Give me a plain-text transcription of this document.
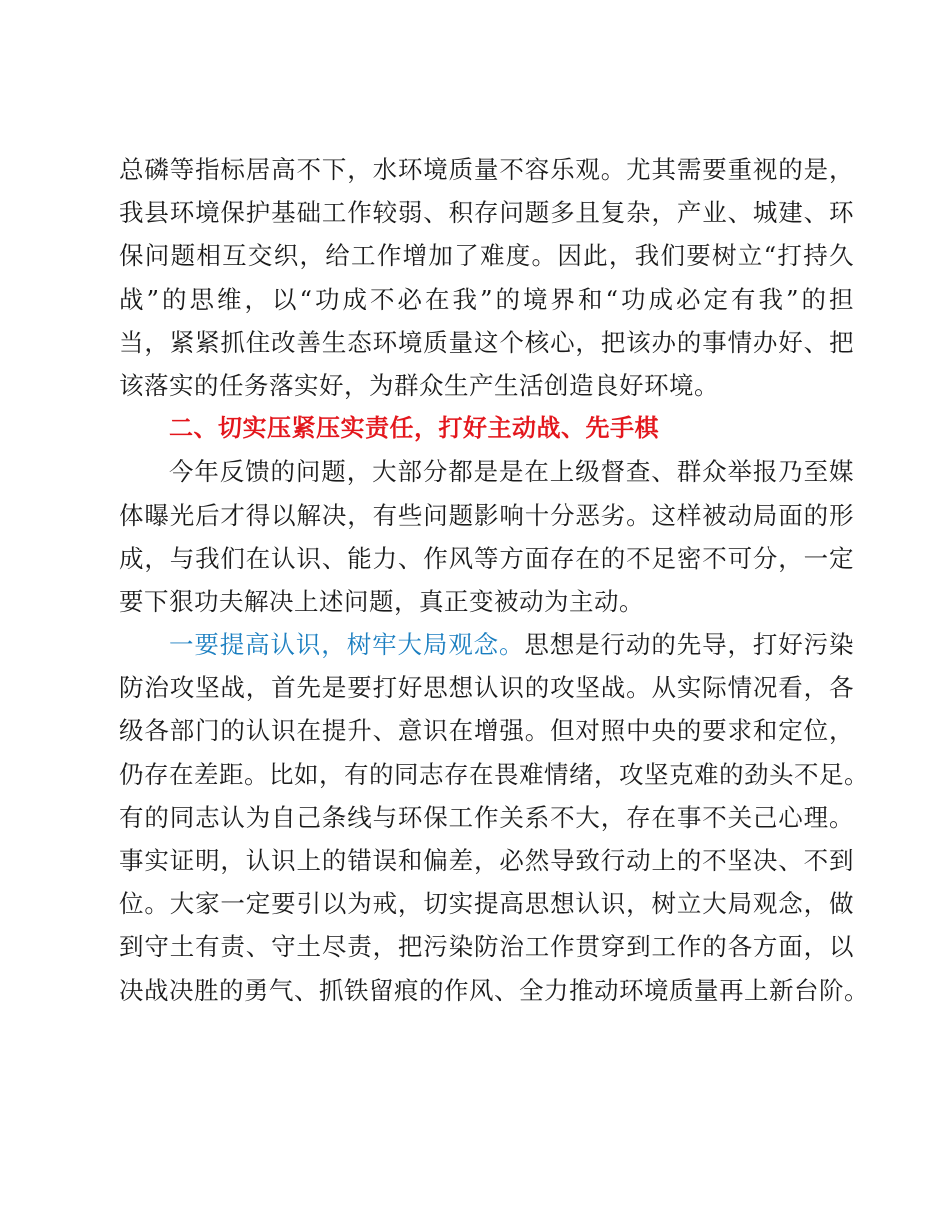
总磷等指标居高不下，水环境质量不容乐观。尤其需要重视的是，
我县环境保护基础工作较弱、积存问题多且复杂，产业、城建、环
保问题相互交织，给工作增加了难度。因此，我们要树立“打持久
战”的思维，以“功成不必在我”的境界和“功成必定有我”的担
当，紧紧抓住改善生态环境质量这个核心，把该办的事情办好、把
该落实的任务落实好，为群众生产生活创造良好环境。
二、切实压紧压实责任，打好主动战、先手棋
今年反馈的问题，大部分都是是在上级督查、群众举报乃至媒
体曝光后才得以解决，有些问题影响十分恶劣。这样被动局面的形
成，与我们在认识、能力、作风等方面存在的不足密不可分，一定
要下狠功夫解决上述问题，真正变被动为主动。
一要提高认识，树牢大局观念。思想是行动的先导，打好污染
防治攻坚战，首先是要打好思想认识的攻坚战。从实际情况看，各
级各部门的认识在提升、意识在增强。但对照中央的要求和定位，
仍存在差距。比如，有的同志存在畏难情绪，攻坚克难的劲头不足。
有的同志认为自己条线与环保工作关系不大，存在事不关己心理。
事实证明，认识上的错误和偏差，必然导致行动上的不坚决、不到
位。大家一定要引以为戒，切实提高思想认识，树立大局观念，做
到守土有责、守土尽责，把污染防治工作贯穿到工作的各方面，以
决战决胜的勇气、抓铁留痕的作风、全力推动环境质量再上新台阶。
